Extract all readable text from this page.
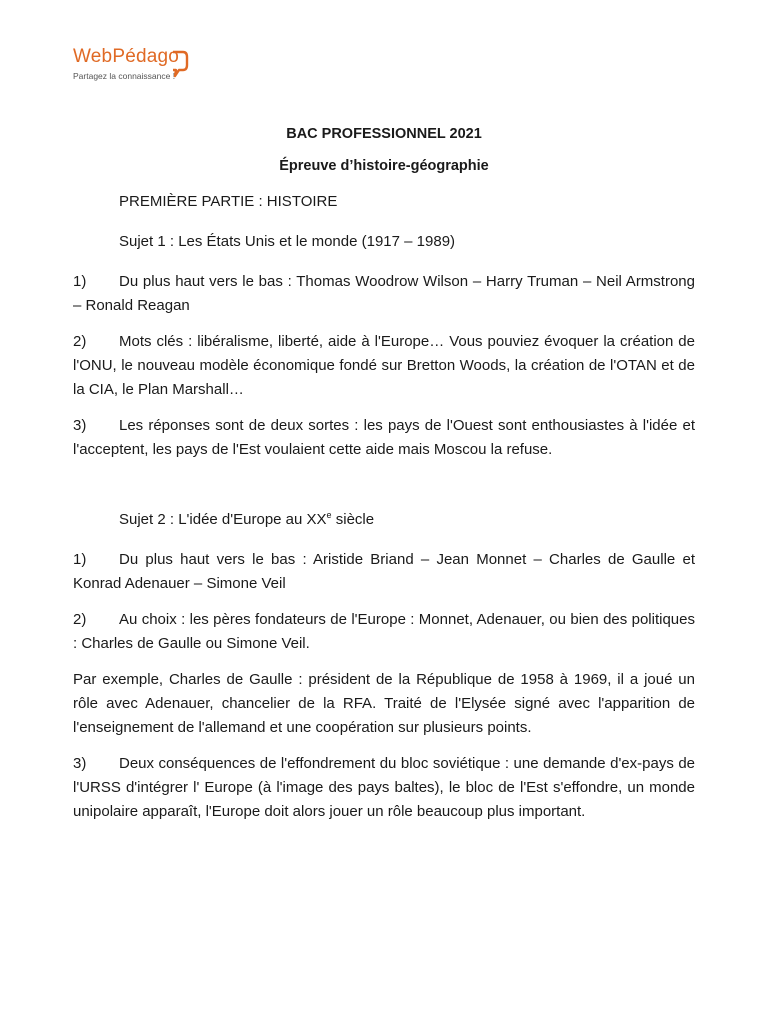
WebPédago
Partagez la connaissance !
BAC PROFESSIONNEL 2021
Épreuve d’histoire-géographie
PREMIÈRE PARTIE : HISTOIRE
Sujet 1 : Les États Unis et le monde (1917 – 1989)
1) Du plus haut vers le bas : Thomas Woodrow Wilson – Harry Truman – Neil Armstrong – Ronald Reagan
2) Mots clés : libéralisme, liberté, aide à l'Europe… Vous pouviez évoquer la création de l'ONU, le nouveau modèle économique fondé sur Bretton Woods, la création de l'OTAN et de la CIA, le Plan Marshall…
3) Les réponses sont de deux sortes : les pays de l'Ouest sont enthousiastes à l'idée et l'acceptent, les pays de l'Est voulaient cette aide mais Moscou la refuse.
Sujet 2 : L'idée d'Europe au XXe siècle
1) Du plus haut vers le bas : Aristide Briand – Jean Monnet – Charles de Gaulle et Konrad Adenauer – Simone Veil
2) Au choix : les pères fondateurs de l'Europe : Monnet, Adenauer, ou bien des politiques : Charles de Gaulle ou Simone Veil.
Par exemple, Charles de Gaulle : président de la République de 1958 à 1969, il a joué un rôle avec Adenauer, chancelier de la RFA. Traité de l'Elysée signé avec l'apparition de l'enseignement de l'allemand et une coopération sur plusieurs points.
3) Deux conséquences de l'effondrement du bloc soviétique : une demande d'ex-pays de l'URSS d'intégrer l' Europe (à l'image des pays baltes), le bloc de l'Est s'effondre, un monde unipolaire apparaît, l'Europe doit alors jouer un rôle beaucoup plus important.
